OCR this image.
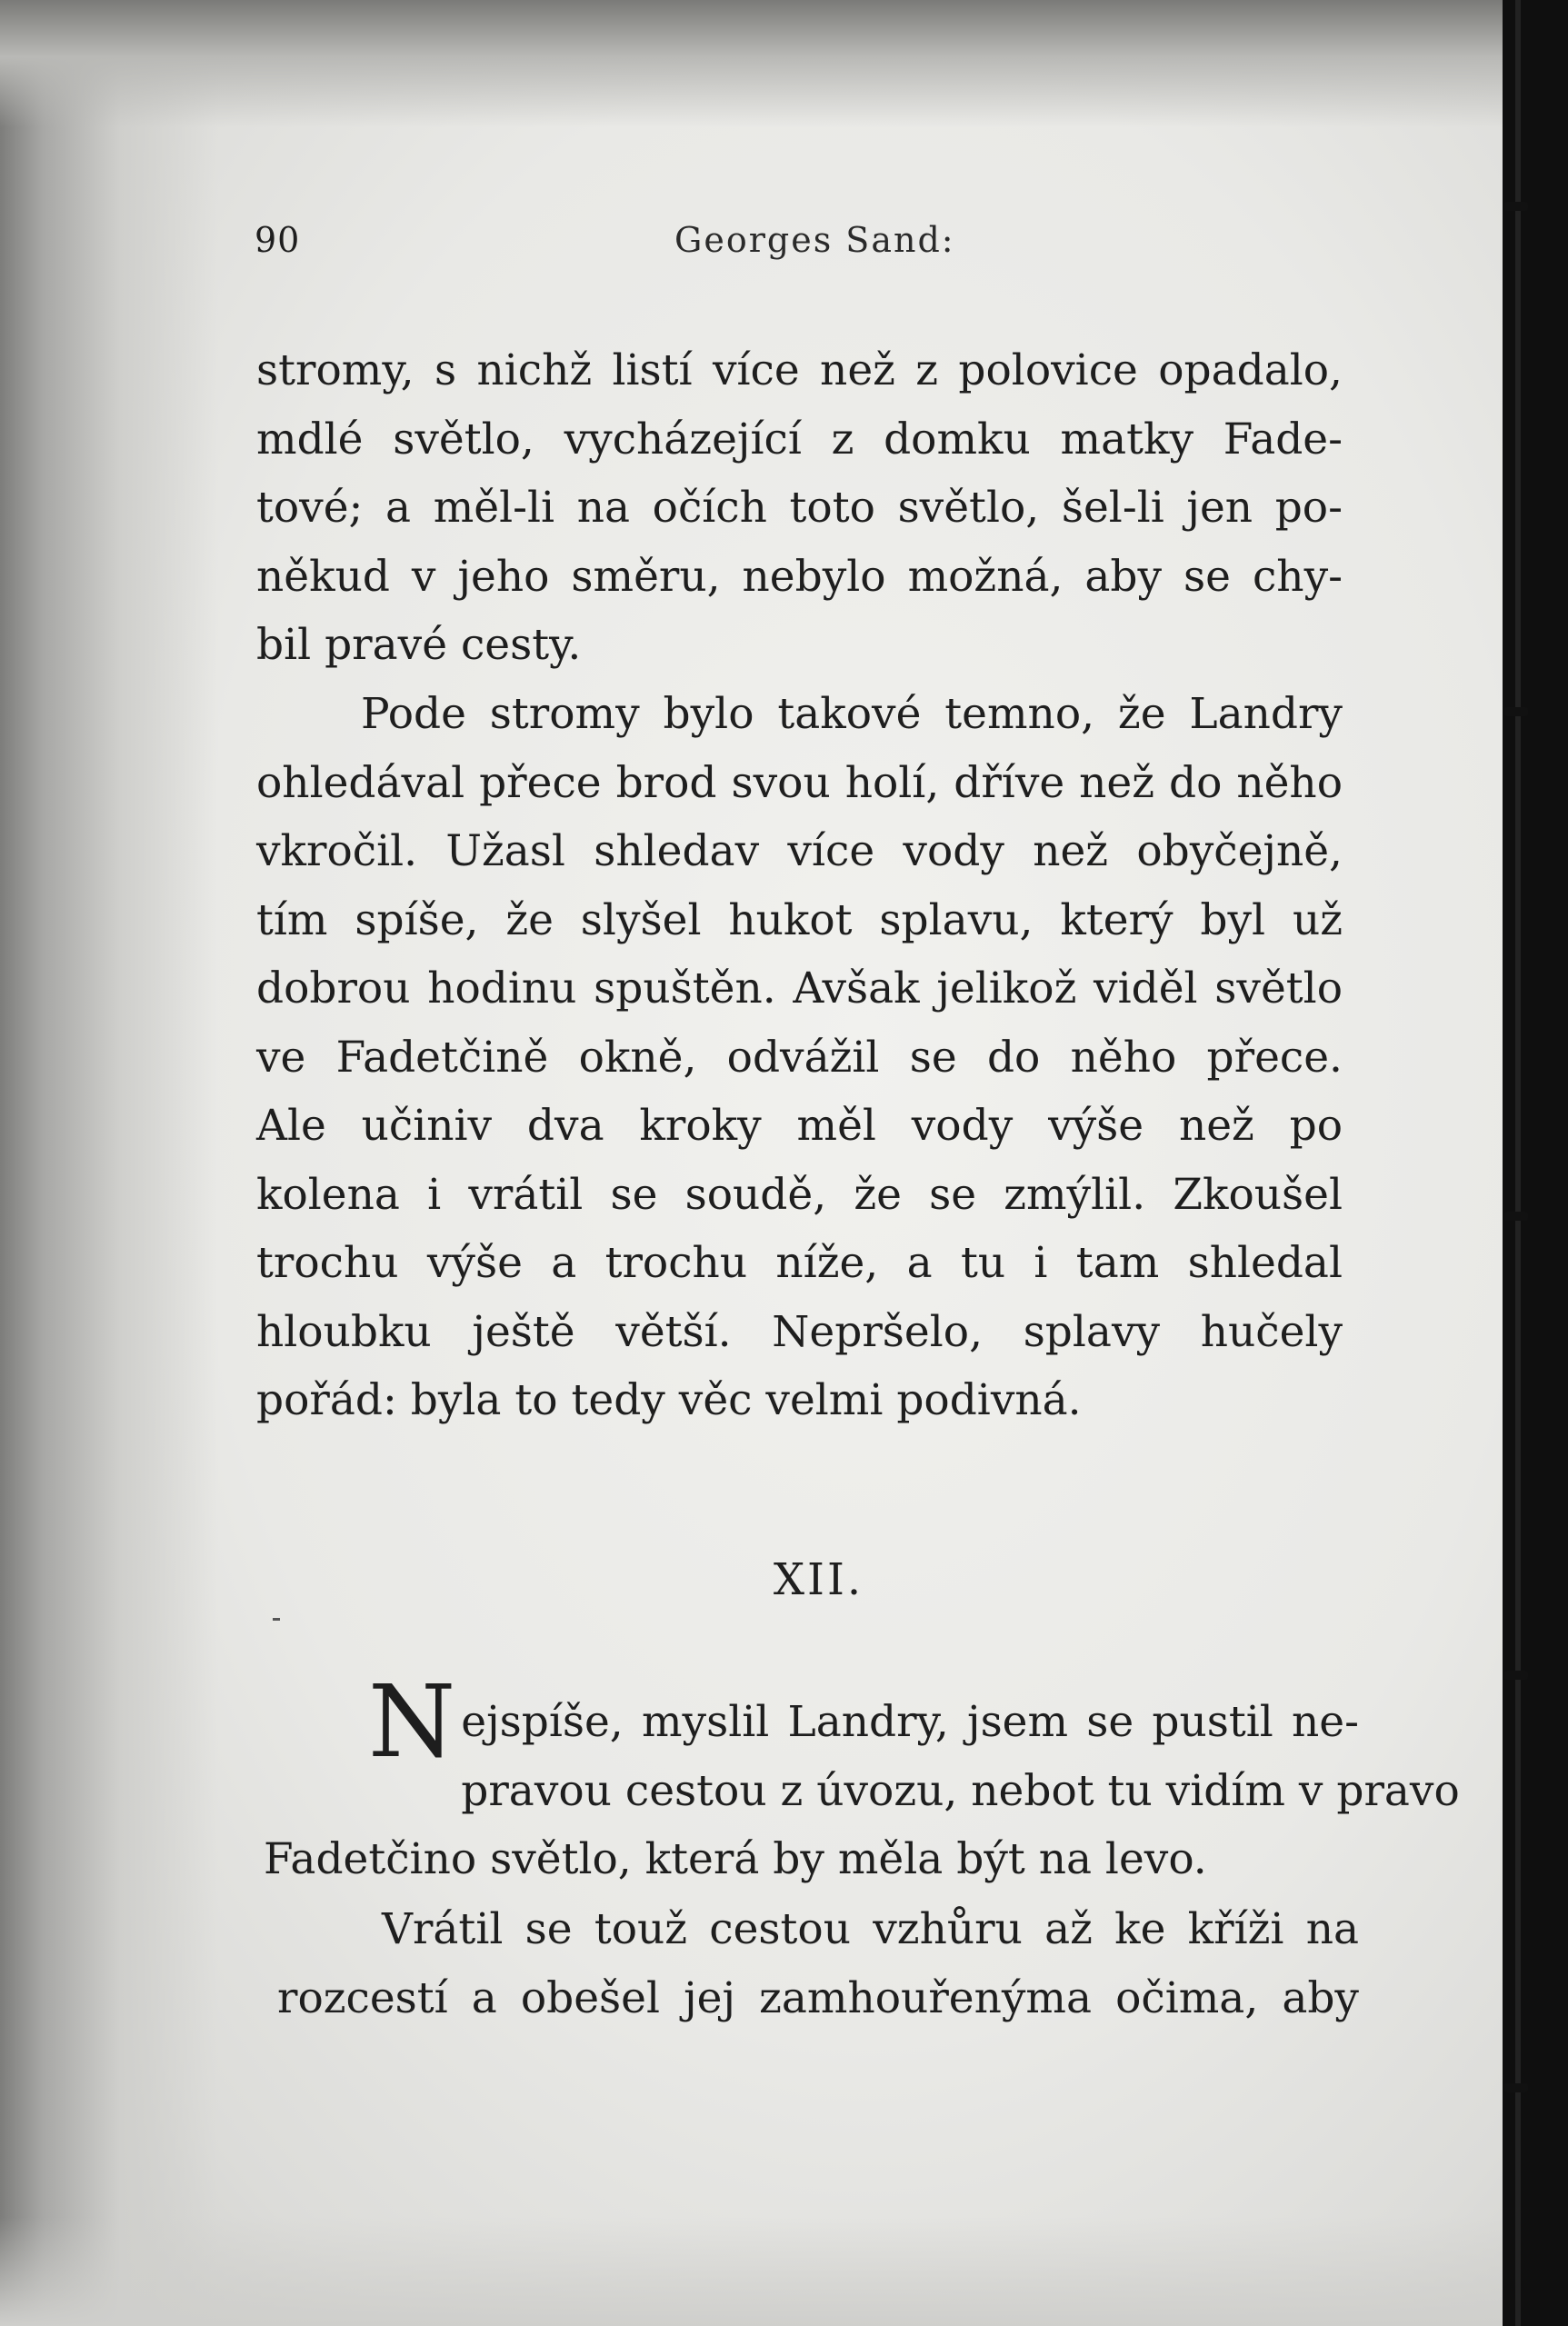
90	Georges Sand:
stromy, s nichž listí více než z polovice opadalo,
mdlé světlo, vycházející z domku matky Fade-
tové; a měl-li na očích toto světlo, šel-li jen po-
někud v jeho směru, nebylo možná, aby se chy-
bil pravé cesty.
Pode stromy bylo takové temno, že Landry
ohledával přece brod svou holí, dříve než do něho
vkročil. Užasl shledav více vody než obyčejně,
tím spíše, že slyšel hukot splavu, který byl už
dobrou hodinu spuštěn. Avšak jelikož viděl světlo
ve Fadetčině okně, odvážil se do něho přece.
Ale učiniv dva kroky měl vody výše než po
kolena i vrátil se soudě, že se zmýlil. Zkoušel
trochu výše a trochu níže, a tu i tam shledal
hloubku ještě větší. Nepršelo, splavy hučely
pořád: byla to tedy věc velmi podivná.
XII.
N ejspíše, myslil Landry, jsem se pustil ne-
pravou cestou z úvozu, nebot tu vidím v pravo
Fadetčino světlo, která by měla být na levo.
Vrátil se touž cestou vzhůru až ke kříži na
rozcestí a obešel jej zamhouřenýma očima, aby
